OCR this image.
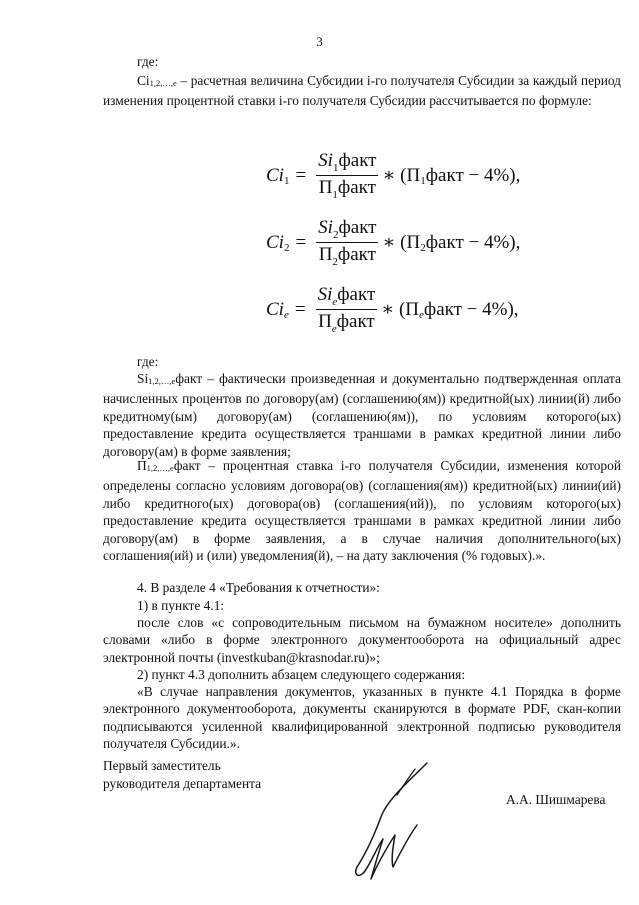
3

где:

Ci1,2,…,е – расчетная величина Субсидии i-го получателя Субсидии за каждый период изменения процентной ставки i-го получателя Субсидии рассчитывается по формуле:

Ci $1 = \frac{Si_1факт}{П_1факт}$ ∗ (П 1 факт − 4%),
Ci $2 = \frac{Si_2факт}{П_2факт}$ ∗ (П 2 факт − 4%),
Ci $e = \frac{Si_eфакт}{П_eфакт}$ ∗ (П e факт − 4%),

где:

Si1,2,…,ефакт – фактически произведенная и документально подтвержденная оплата начисленных процентов по договору(ам) (соглашению(ям)) кредитной(ых) линии(й) либо кредитному(ым) договору(ам) (соглашению(ям)), по условиям которого(ых) предоставление кредита осуществляется траншами в рамках кредитной линии либо договору(ам) в форме заявления;

П1,2,…,ефакт – процентная ставка i-го получателя Субсидии, изменения которой определены согласно условиям договора(ов) (соглашения(ям)) кредитной(ых) линии(ий) либо кредитного(ых) договора(ов) (соглашения(ий)), по условиям которого(ых) предоставление кредита осуществляется траншами в рамках кредитной линии либо договору(ам) в форме заявления, а в случае наличия дополнительного(ых) соглашения(ий) и (или) уведомления(й), – на дату заключения (% годовых).».

4. В разделе 4 «Требования к отчетности»:

1) в пункте 4.1:

после слов «с сопроводительным письмом на бумажном носителе» дополнить словами «либо в форме электронного документооборота на официальный адрес электронной почты (investkuban@krasnodar.ru)»;

2) пункт 4.3 дополнить абзацем следующего содержания:

«В случае направления документов, указанных в пункте 4.1 Порядка в форме электронного документооборота, документы сканируются в формате PDF, скан-копии подписываются усиленной квалифицированной электронной подписью руководителя получателя Субсидии.».

Первый заместитель
руководителя департамента
А.А. Шишмарева
